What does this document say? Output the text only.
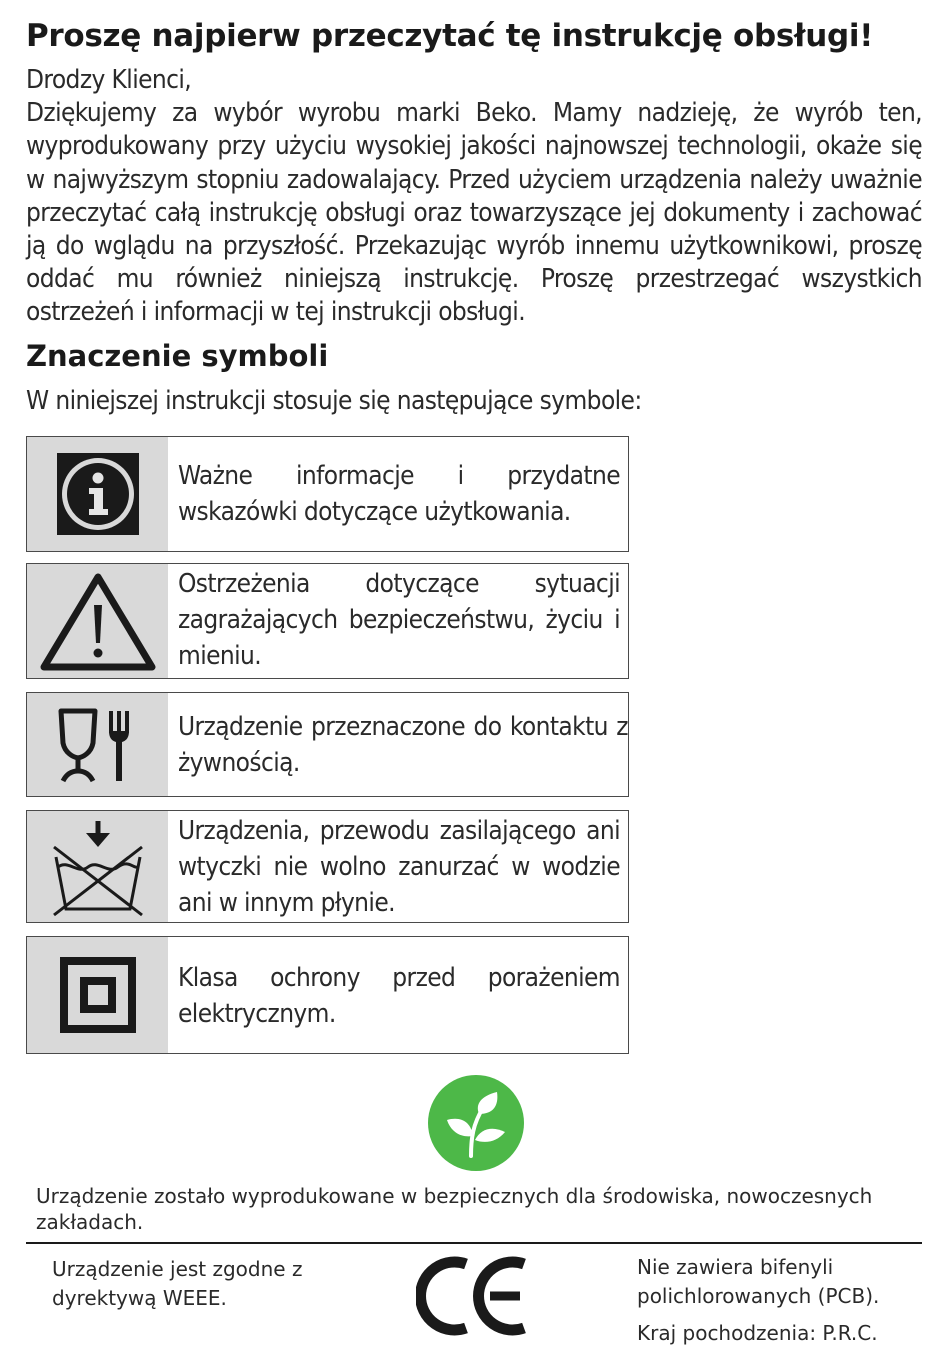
Proszę najpierw przeczytać tę instrukcję obsługi!

Drodzy Klienci,

Dziękujemy za wybór wyrobu marki Beko. Mamy nadzieję, że wyrób ten, wyprodukowany przy użyciu wysokiej jakości najnowszej technologii, okaże się w najwyższym stopniu zadowalający. Przed użyciem urządzenia należy uważnie przeczytać całą instrukcję obsługi oraz towarzyszące jej dokumenty i zachować ją do wglądu na przyszłość. Przekazując wyrób innemu użytkownikowi, proszę oddać mu również niniejszą instrukcję. Proszę przestrzegać wszystkich ostrzeżeń i informacji w tej instrukcji obsługi.

Znaczenie symboli

W niniejszej instrukcji stosuje się następujące symbole:

Ważne informacje i przydatne wskazówki dotyczące użytkowania.
Ostrzeżenia dotyczące sytuacji zagrażających bezpieczeństwu, życiu i mieniu.
Urządzenie przeznaczone do kontaktu z żywnością.
Urządzenia, przewodu zasilającego ani wtyczki nie wolno zanurzać w wodzie ani w innym płynie.
Klasa ochrony przed porażeniem elektrycznym.

Urządzenie zostało wyprodukowane w bezpiecznych dla środowiska, nowoczesnych zakładach.

Urządzenie jest zgodne z
dyrektywą WEEE.

Nie zawiera bifenyli
polichlorowanych (PCB).

Kraj pochodzenia: P.R.C.
